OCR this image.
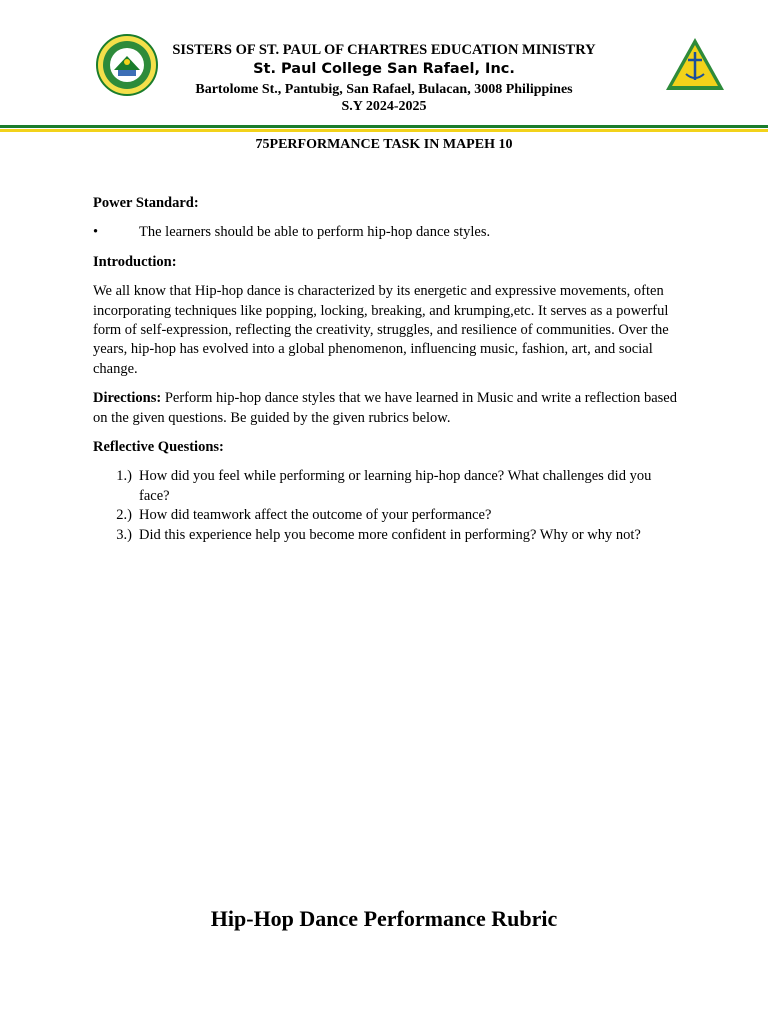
SISTERS OF ST. PAUL OF CHARTRES EDUCATION MINISTRY
St. Paul College San Rafael, Inc.
Bartolome St., Pantubig, San Rafael, Bulacan, 3008 Philippines
S.Y 2024-2025
75PERFORMANCE TASK IN MAPEH 10

Power Standard:

•	The learners should be able to perform hip-hop dance styles.

Introduction:

We all know that Hip-hop dance is characterized by its energetic and expressive movements, often incorporating techniques like popping, locking, breaking, and krumping,etc. It serves as a powerful form of self-expression, reflecting the creativity, struggles, and resilience of communities. Over the years, hip-hop has evolved into a global phenomenon, influencing music, fashion, art, and social change.

Directions: Perform hip-hop dance styles that we have learned in Music and write a reflection based on the given questions. Be guided by the given rubrics below.

Reflective Questions:

1.) How did you feel while performing or learning hip-hop dance? What challenges did you face?
2.) How did teamwork affect the outcome of your performance?
3.) Did this experience help you become more confident in performing? Why or why not?
Hip-Hop Dance Performance Rubric
